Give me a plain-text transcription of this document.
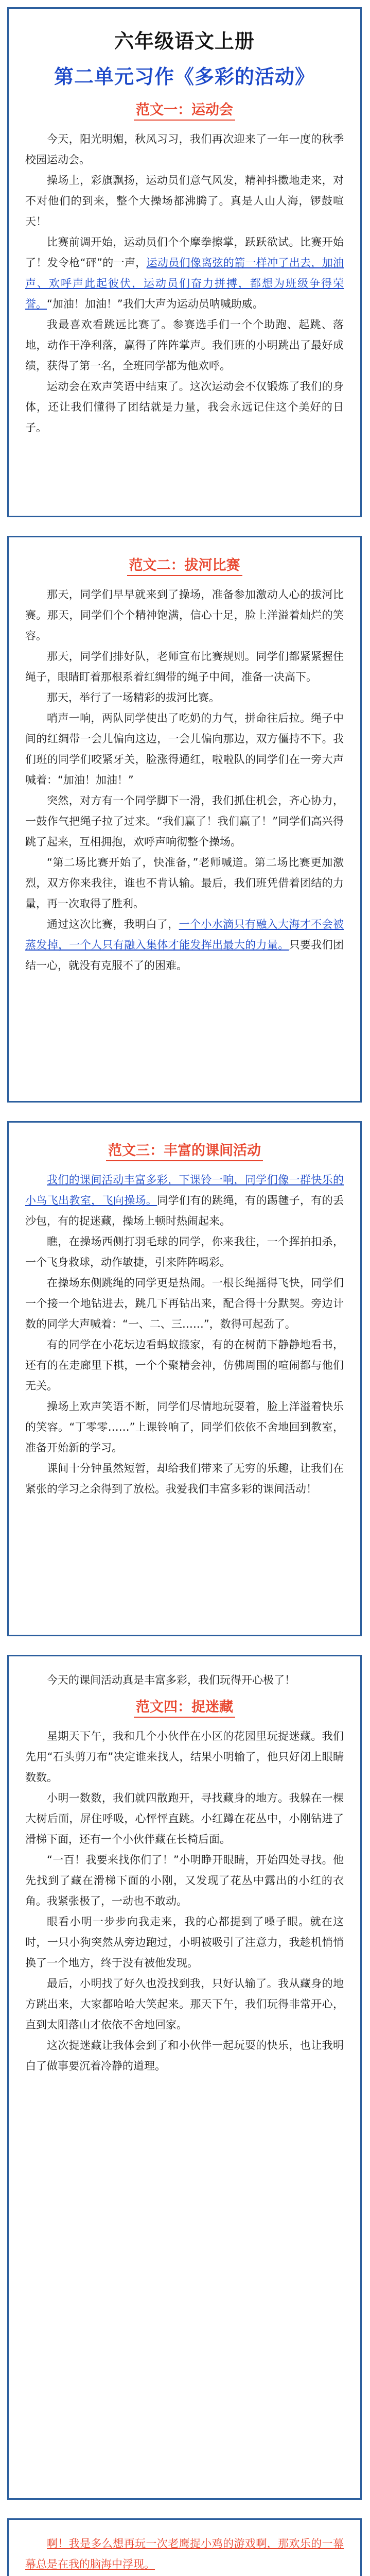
六年级语文上册
第二单元习作《多彩的活动》
范文一：运动会

今天，阳光明媚，秋风习习，我们再次迎来了一年一度的秋季校园运动会。

操场上，彩旗飘扬，运动员们意气风发，精神抖擞地走来，对不对他们的到来，整个大操场都沸腾了。真是人山人海，锣鼓喧天！

比赛前调开始，运动员们个个摩拳擦掌，跃跃欲试。比赛开始了！发令枪“砰”的一声，运动员们像离弦的箭一样冲了出去，加油声、欢呼声此起彼伏，运动员们奋力拼搏，都想为班级争得荣誉。“加油！加油！”我们大声为运动员呐喊助威。

我最喜欢看跳远比赛了。参赛选手们一个个助跑、起跳、落地，动作干净利落，赢得了阵阵掌声。我们班的小明跳出了最好成绩，获得了第一名，全班同学都为他欢呼。

运动会在欢声笑语中结束了。这次运动会不仅锻炼了我们的身体，还让我们懂得了团结就是力量，我会永远记住这个美好的日子。

范文二：拔河比赛

那天，同学们早早就来到了操场，准备参加激动人心的拔河比赛。那天，同学们个个精神饱满，信心十足，脸上洋溢着灿烂的笑容。

那天，同学们排好队，老师宣布比赛规则。同学们都紧紧握住绳子，眼睛盯着那根系着红绸带的绳子中间，准备一决高下。

那天，举行了一场精彩的拔河比赛。

哨声一响，两队同学使出了吃奶的力气，拼命往后拉。绳子中间的红绸带一会儿偏向这边，一会儿偏向那边，双方僵持不下。我们班的同学们咬紧牙关，脸涨得通红，啦啦队的同学们在一旁大声喊着：“加油！加油！”

突然，对方有一个同学脚下一滑，我们抓住机会，齐心协力，一鼓作气把绳子拉了过来。“我们赢了！我们赢了！”同学们高兴得跳了起来，互相拥抱，欢呼声响彻整个操场。

“第二场比赛开始了，快准备，”老师喊道。第二场比赛更加激烈，双方你来我往，谁也不肯认输。最后，我们班凭借着团结的力量，再一次取得了胜利。

通过这次比赛，我明白了，一个小水滴只有融入大海才不会被蒸发掉，一个人只有融入集体才能发挥出最大的力量。只要我们团结一心，就没有克服不了的困难。

范文三：丰富的课间活动

我们的课间活动丰富多彩，下课铃一响，同学们像一群快乐的小鸟飞出教室，飞向操场。同学们有的跳绳，有的踢毽子，有的丢沙包，有的捉迷藏，操场上顿时热闹起来。

瞧，在操场西侧打羽毛球的同学，你来我往，一个挥拍扣杀，一个飞身救球，动作敏捷，引来阵阵喝彩。

在操场东侧跳绳的同学更是热闹。一根长绳摇得飞快，同学们一个接一个地钻进去，跳几下再钻出来，配合得十分默契。旁边计数的同学大声喊着：“一、二、三……”，数得可起劲了。

有的同学在小花坛边看蚂蚁搬家，有的在树荫下静静地看书，还有的在走廊里下棋，一个个聚精会神，仿佛周围的喧闹都与他们无关。

操场上欢声笑语不断，同学们尽情地玩耍着，脸上洋溢着快乐的笑容。“丁零零……”上课铃响了，同学们依依不舍地回到教室，准备开始新的学习。

课间十分钟虽然短暂，却给我们带来了无穷的乐趣，让我们在紧张的学习之余得到了放松。我爱我们丰富多彩的课间活动！

今天的课间活动真是丰富多彩，我们玩得开心极了！

范文四：捉迷藏

星期天下午，我和几个小伙伴在小区的花园里玩捉迷藏。我们先用“石头剪刀布”决定谁来找人，结果小明输了，他只好闭上眼睛数数。

小明一数数，我们就四散跑开，寻找藏身的地方。我躲在一棵大树后面，屏住呼吸，心怦怦直跳。小红蹲在花丛中，小刚钻进了滑梯下面，还有一个小伙伴藏在长椅后面。

“一百！我要来找你们了！”小明睁开眼睛，开始四处寻找。他先找到了藏在滑梯下面的小刚，又发现了花丛中露出的小红的衣角。我紧张极了，一动也不敢动。

眼看小明一步步向我走来，我的心都提到了嗓子眼。就在这时，一只小狗突然从旁边跑过，小明被吸引了注意力，我趁机悄悄换了一个地方，终于没有被他发现。

最后，小明找了好久也没找到我，只好认输了。我从藏身的地方跳出来，大家都哈哈大笑起来。那天下午，我们玩得非常开心，直到太阳落山才依依不舍地回家。

这次捉迷藏让我体会到了和小伙伴一起玩耍的快乐，也让我明白了做事要沉着冷静的道理。

啊！我是多么想再玩一次老鹰捉小鸡的游戏啊，那欢乐的一幕幕总是在我的脑海中浮现。
